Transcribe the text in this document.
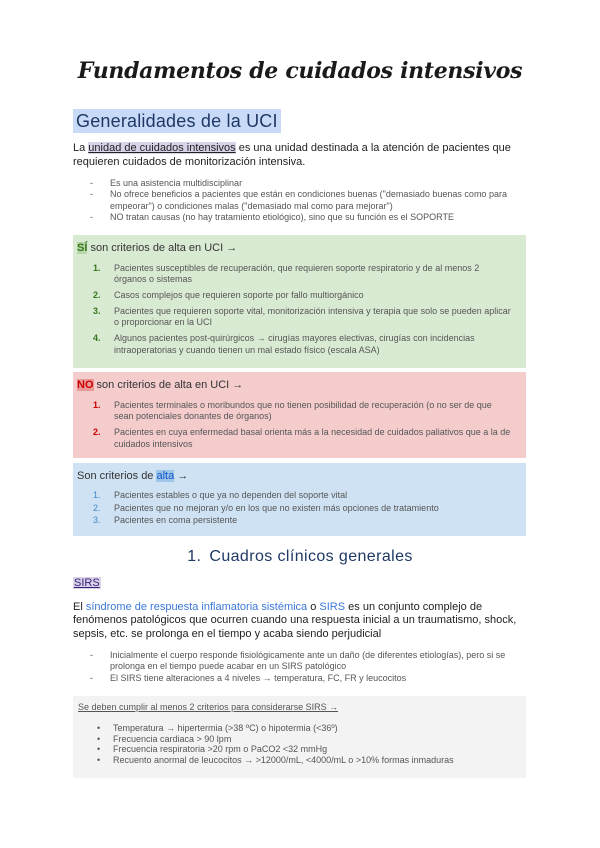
Fundamentos de cuidados intensivos
Generalidades de la UCI
La unidad de cuidados intensivos es una unidad destinada a la atención de pacientes que requieren cuidados de monitorización intensiva.
- Es una asistencia multidisciplinar
- No ofrece beneficios a pacientes que están en condiciones buenas ("demasiado buenas como para empeorar") o condiciones malas ("demasiado mal como para mejorar")
- NO tratan causas (no hay tratamiento etiológico), sino que su función es el SOPORTE
SÍ son criterios de alta en UCI →
1. Pacientes susceptibles de recuperación, que requieren soporte respiratorio y de al menos 2 órganos o sistemas
2. Casos complejos que requieren soporte por fallo multiorgánico
3. Pacientes que requieren soporte vital, monitorización intensiva y terapia que solo se pueden aplicar o proporcionar en la UCI
4. Algunos pacientes post-quirúrgicos → cirugías mayores electivas, cirugías con incidencias intraoperatorias y cuando tienen un mal estado físico (escala ASA)
NO son criterios de alta en UCI →
1. Pacientes terminales o moribundos que no tienen posibilidad de recuperación (o no ser de que sean potenciales donantes de órganos)
2. Pacientes en cuya enfermedad basal orienta más a la necesidad de cuidados paliativos que a la de cuidados intensivos
Son criterios de alta →
1. Pacientes estables o que ya no dependen del soporte vital
2. Pacientes que no mejoran y/o en los que no existen más opciones de tratamiento
3. Pacientes en coma persistente
1. Cuadros clínicos generales
SIRS
El síndrome de respuesta inflamatoria sistémica o SIRS es un conjunto complejo de fenómenos patológicos que ocurren cuando una respuesta inicial a un traumatismo, shock, sepsis, etc. se prolonga en el tiempo y acaba siendo perjudicial
- Inicialmente el cuerpo responde fisiológicamente ante un daño (de diferentes etiologías), pero si se prolonga en el tiempo puede acabar en un SIRS patológico
- El SIRS tiene alteraciones a 4 niveles → temperatura, FC, FR y leucocitos
Se deben cumplir al menos 2 criterios para considerarse SIRS →
• Temperatura → hipertermia (>38 ºC) o hipotermia (<36º)
• Frecuencia cardiaca > 90 lpm
• Frecuencia respiratoria >20 rpm o PaCO2 <32 mmHg
• Recuento anormal de leucocitos → >12000/mL, <4000/mL o >10% formas inmaduras
